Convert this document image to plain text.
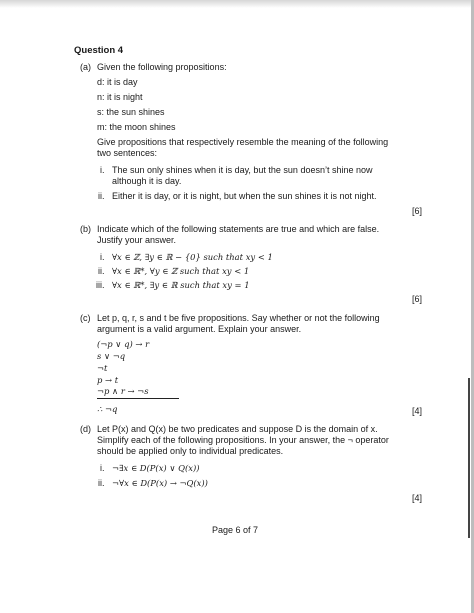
Question 4
(a) Given the following propositions:
d: it is day
n: it is night
s: the sun shines
m: the moon shines
Give propositions that respectively resemble the meaning of the following
two sentences:
i. The sun only shines when it is day, but the sun doesn’t shine now
although it is day.
ii. Either it is day, or it is night, but when the sun shines it is not night.
[6]
(b) Indicate which of the following statements are true and which are false.
Justify your answer.
i. ∀x ∈ ℤ, ∃y ∈ ℝ − {0} such that xy < 1
ii. ∀x ∈ ℝ*, ∀y ∈ ℤ such that xy < 1
iii. ∀x ∈ ℝ*, ∃y ∈ ℝ such that xy = 1
[6]
(c) Let p, q, r, s and t be five propositions. Say whether or not the following
argument is a valid argument. Explain your answer.
(¬p ∨ q) → r
s ∨ ¬q
¬t
p → t
¬p ∧ r → ¬s
∴ ¬q	[4]
(d) Let P(x) and Q(x) be two predicates and suppose D is the domain of x.
Simplify each of the following propositions. In your answer, the ¬ operator
should be applied only to individual predicates.
i. ¬∃x ∈ D(P(x) ∨ Q(x))
ii. ¬∀x ∈ D(P(x) → ¬Q(x))
[4]
Page 6 of 7
